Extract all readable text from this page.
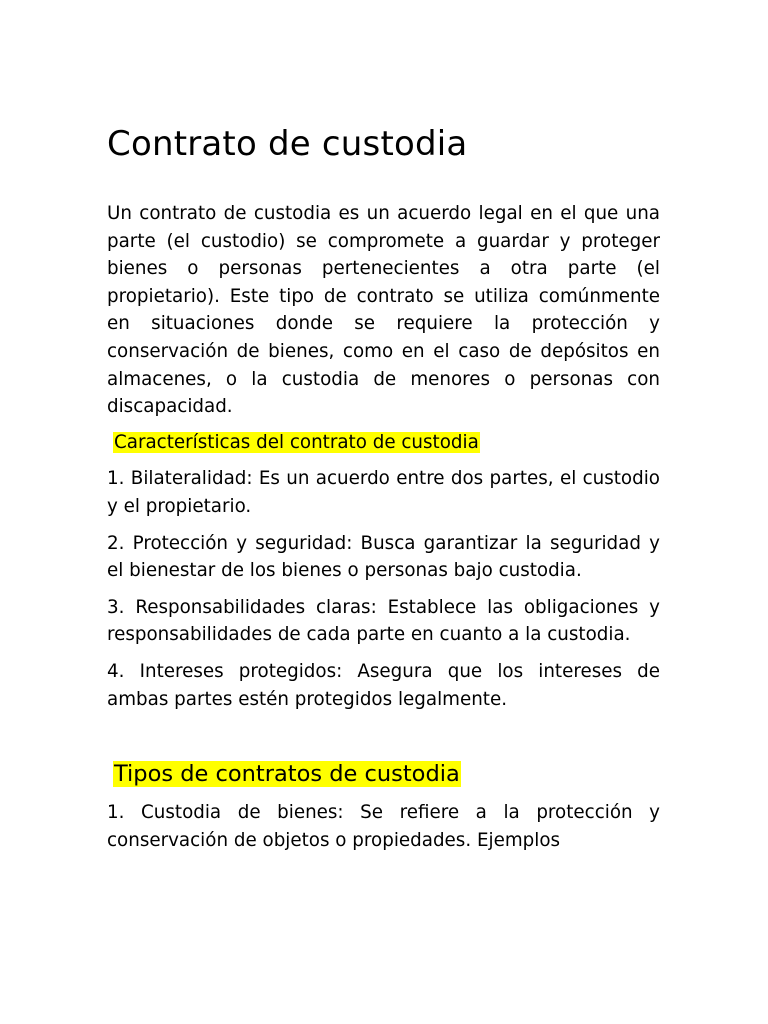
Contrato de custodia

Un contrato de custodia es un acuerdo legal en el que una parte (el custodio) se compromete a guardar y proteger bienes o personas pertenecientes a otra parte (el propietario). Este tipo de contrato se utiliza comúnmente en situaciones donde se requiere la protección y conservación de bienes, como en el caso de depósitos en almacenes, o la custodia de menores o personas con discapacidad.

Características del contrato de custodia

1. Bilateralidad: Es un acuerdo entre dos partes, el custodio y el propietario.

2. Protección y seguridad: Busca garantizar la seguridad y el bienestar de los bienes o personas bajo custodia.

3. Responsabilidades claras: Establece las obligaciones y responsabilidades de cada parte en cuanto a la custodia.

4. Intereses protegidos: Asegura que los intereses de ambas partes estén protegidos legalmente.

Tipos de contratos de custodia

1. Custodia de bienes: Se refiere a la protección y conservación de objetos o propiedades. Ejemplos
